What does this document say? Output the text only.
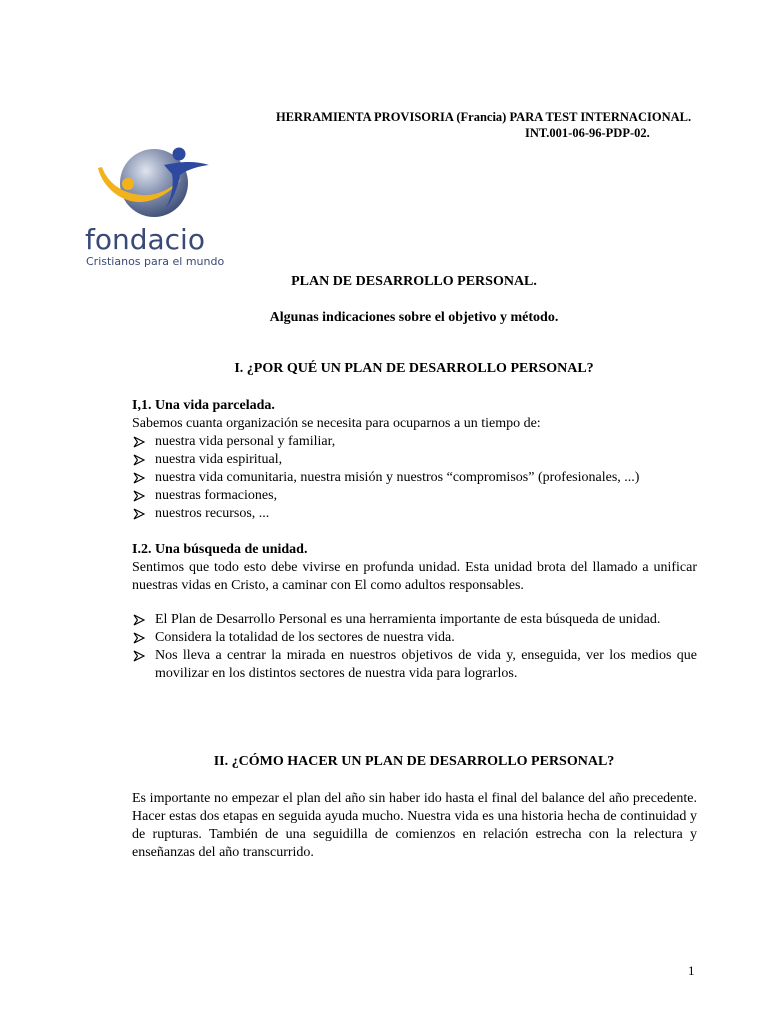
HERRAMIENTA PROVISORIA (Francia) PARA TEST INTERNACIONAL.
INT.001-06-96-PDP-02.
fondacio
Cristianos para el mundo
PLAN DE DESARROLLO PERSONAL.
Algunas indicaciones sobre el objetivo y método.
I. ¿POR QUÉ UN PLAN DE DESARROLLO PERSONAL?
I,1. Una vida parcelada.
Sabemos cuanta organización se necesita para ocuparnos a un tiempo de:
nuestra vida personal y familiar,
nuestra vida espiritual,
nuestra vida comunitaria, nuestra misión y nuestros “compromisos” (profesionales, ...)
nuestras formaciones,
nuestros recursos, ...
I.2. Una búsqueda de unidad.
Sentimos que todo esto debe vivirse en profunda unidad. Esta unidad brota del llamado a unificar nuestras vidas en Cristo, a caminar con El como adultos responsables.
El Plan de Desarrollo Personal es una herramienta importante de esta búsqueda de unidad.
Considera la totalidad de los sectores de nuestra vida.
Nos lleva a centrar la mirada en nuestros objetivos de vida y, enseguida, ver los medios que movilizar en los distintos sectores de nuestra vida para lograrlos.
II. ¿CÓMO HACER UN PLAN DE DESARROLLO PERSONAL?
Es importante no empezar el plan del año sin haber ido hasta el final del balance del año precedente. Hacer estas dos etapas en seguida ayuda mucho. Nuestra vida es una historia hecha de continuidad y de rupturas. También de una seguidilla de comienzos en relación estrecha con la relectura y enseñanzas del año transcurrido.
1
